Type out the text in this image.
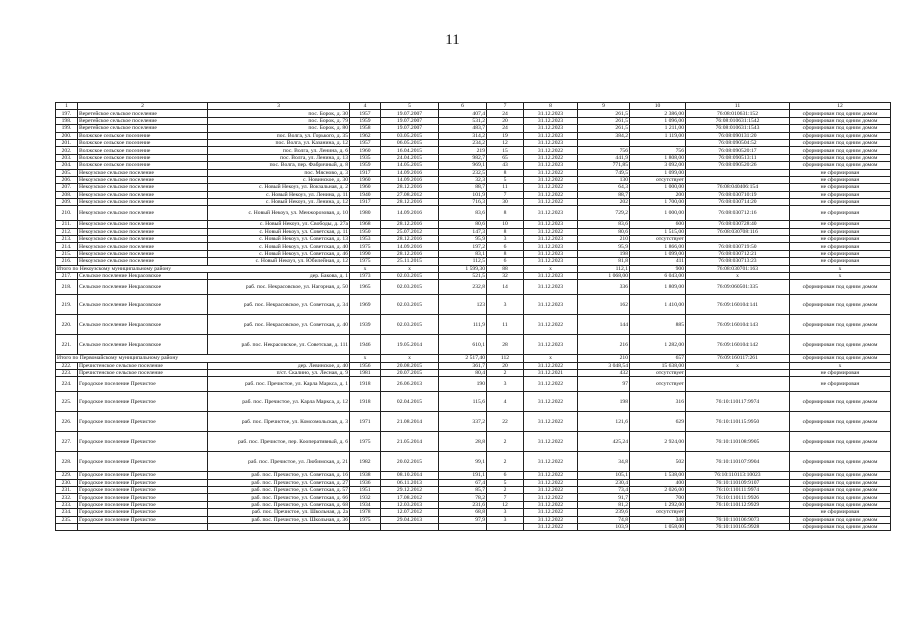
11
1	2	3	4	5	6	7	8	9	10	11	12
197.	Веретейское сельское поселение	пос. Борок, д. 30	1957	19.07.2007	407,4	24	31.12.2023	261,5	2 386,00	76:08:010631:152	сформирован под одним домом
198.	Веретейское сельское поселение	пос. Борок, д. 79	1959	19.07.2007	531,2	20	31.12.2023	261,5	1 096,00	76:08:010631:1542	сформирован под одним домом
199.	Веретейское сельское поселение	пос. Борок, д. 80	1958	19.07.2007	483,7	24	31.12.2023	261,5	1 211,00	76:08:010631:1543	сформирован под одним домом
200.	Волжское сельское поселение	пос. Волга, ул. Горького, д. 35	1962	03.05.2015	314,2	19	31.12.2023	384,2	1 119,00	76:08:090131:20	сформирован под одним домом
201.	Волжское сельское поселение	пос. Волга, ул. Казанина, д. 12	1957	06.05.2015	234,2	12	31.12.2023			76:08:090504:52	сформирован под одним домом
202.	Волжское сельское поселение	пос. Волга, ул. Ленина, д. 6	1960	16.04.2015	219	15	31.12.2022	756	756	76:08:090520:17	сформирован под одним домом
203.	Волжское сельское поселение	пос. Волга, ул. Ленина, д. 13	1935	24.04.2015	982,7	65	31.12.2022	441,9	1 808,00	76:08:090513:11	сформирован под одним домом
204.	Волжское сельское поселение	пос. Волга, пер. Фабричный, д. 8	1959	14.05.2015	969,1	43	31.12.2023	771,85	3 092,00	76:08:090520:26	сформирован под одним домом
205.	Некоузское сельское поселение	пос. Мясново, д. 3	1917	14.09.2016	232,5	8	31.12.2022	749,5	1 099,00		не сформирован
206.	Некоузское сельское поселение	с. Новинское, д. 30	1960	14.09.2016	32,3	5	31.12.2022	130	отсутствует		не сформирован
207.	Некоузское сельское поселение	с. Новый Некоуз, ул. Вокзальная, д. 2	1960	28.12.2016	88,7	11	31.12.2022	64,3	1 000,00	76:08:040406:154	не сформирован
208.	Некоузское сельское поселение	с. Новый Некоуз, ул. Ленина, д. 11	1940	27.08.2012	101,9	7	31.12.2022	88,7	200	76:08:030710:19	не сформирован
209.	Некоузское сельское поселение	с. Новый Некоуз, ул. Ленина, д. 12	1917	28.12.2016	716,3	30	31.12.2022	202	1 700,00	76:08:030714:20	не сформирован
210.	Некоузское сельское поселение	с. Новый Некоуз, ул. Менжорозовая, д. 10	1980	14.09.2016	83,6	8	31.12.2023	729,2	1 000,00	76:08:030712:16	не сформирован
211.	Некоузское сельское поселение	с. Новый Некоуз, ул. Свободы, д. 27а	1968	28.12.2016	80,6	10	31.12.2023	83,6	600	76:08:030728:40	не сформирован
212.	Некоузское сельское поселение	с. Новый Некоуз, ул. Советская, д. 11	1950	25.07.2012	147,3	8	31.12.2022	80,6	1 515,00	76:08:030708:116	не сформирован
213.	Некоузское сельское поселение	с. Новый Некоуз, ул. Советская, д. 13	1953	28.12.2016	95,9	3	31.12.2023	210	отсутствует		не сформирован
214.	Некоузское сельское поселение	с. Новый Некоуз, ул. Советская, д. 40	1975	14.09.2016	197,2	6	31.12.2023	95,9	1 866,00	76:08:030719:50	не сформирован
215.	Некоузское сельское поселение	с. Новый Некоуз, ул. Советская, д. 46	1990	28.12.2016	83,1	8	31.12.2023	198	1 099,00	76:08:030712:21	не сформирован
216.	Некоузское сельское поселение	с. Новый Некоуз, ул. Юбилейная, д. 12	1975	25.11.2015	112,5	6	31.12.2023	81,8	411	76:08:030713:23	не сформирован
Итого по Некоузскому муниципальному району			x	x	1 599,30	88	x	112,1	900	76:08:030701:163	x
217.	Сельское поселение Некрасовское	дер. Бакова, д. 1	1973	02.03.2015	521,5	32	31.12.2023	1 068,00	6 043,00	x	x
218.	Сельское поселение Некрасовское	раб. пос. Некрасовское, ул. Нагорная, д. 50	1965	02.03.2015	232,8	14	31.12.2023	336	1 809,00	76:09:060501:335	сформирован под одним домом
219.	Сельское поселение Некрасовское	раб. пос. Некрасовское, ул. Советская, д. 34	1969	02.03.2015	123	3	31.12.2023	162	1 410,00	76:09:160104:141	сформирован под одним домом
220.	Сельское поселение Некрасовское	раб. пос. Некрасовское, ул. Советская, д. 40	1939	02.03.2015	111,9	11	31.12.2022	144	885	76:09:160104:143	сформирован под одним домом
221.	Сельское поселение Некрасовское	раб. пос. Некрасовское, ул. Советская, д. 111	1946	19.05.2014	610,1	28	31.12.2023	216	1 282,00	76:09:160104:142	сформирован под одним домом
Итого по Первомайскому муниципальному району			x	x	2 517,40	112	x	210	657	76:09:160117:261	сформирован под одним домом
222.	Пречистенское сельское поселение	дер. Левинское, д. 40	1956	20.08.2015	361,7	20	31.12.2022	3 048,54	15 638,00	x	x
223.	Пречистенское сельское поселение	п/ст. Скалино, ул. Лесная, д. 9	1981	20.07.2015	80,4	2	31.12.2021	432	отсутствует		не сформирован
224.	Городское поселение Пречистое	раб. пос. Пречистое, ул. Карла Маркса, д. 1	1918	26.06.2013	190	3	31.12.2022	97	отсутствует		не сформирован
225.	Городское поселение Пречистое	раб. пос. Пречистое, ул. Карла Маркса, д. 12	1918	02.04.2015	115,6	4	31.12.2022	198	316	76:10:110117:9974	сформирован под одним домом
226.	Городское поселение Пречистое	раб. пос. Пречистое, ул. Комсомольская, д. 3	1971	21.08.2014	337,2	22	31.12.2022	121,6	629	76:10:110115:9950	сформирован под одним домом
227.	Городское поселение Пречистое	раб. пос. Пречистое, пер. Кооперативный, д. 6	1975	21.05.2014	28,8	2	31.12.2022	425,24	2 924,00	76:10:110108:9905	сформирован под одним домом
228.	Городское поселение Пречистое	раб. пос. Пречистое, ул. Любимская, д. 21	1982	20.02.2015	99,1	2	31.12.2022	34,8	502	76:10:110107:9904	сформирован под одним домом
229.	Городское поселение Пречистое	раб. пос. Пречистое, ул. Советская, д. 16	1938	08.10.2014	191,1	6	31.12.2022	105,1	1 538,00	76:10:110113:10023	сформирован под одним домом
230.	Городское поселение Пречистое	раб. пос. Пречистое, ул. Советская, д. 27	1936	06.11.2013	67,4	5	31.12.2022	230,4	400	76:10:110109:9107	сформирован под одним домом
231.	Городское поселение Пречистое	раб. пос. Пречистое, ул. Советская, д. 57	1951	29.12.2012	85,7	2	31.12.2022	73,4	2 026,00	76:10:110111:9974	сформирован под одним домом
232.	Городское поселение Пречистое	раб. пос. Пречистое, ул. Советская, д. 66	1932	17.08.2012	78,2	7	31.12.2022	91,7	700	76:10:110111:9926	сформирован под одним домом
233.	Городское поселение Пречистое	раб. пос. Пречистое, ул. Советская, д. 68	1934	12.03.2013	231,6	12	31.12.2022	81,2	1 292,00	76:10:110112:9929	сформирован под одним домом
234.	Городское поселение Пречистое	раб. пос. Пречистое, ул. Школьная, д. 2а	1978	12.07.2012	68,8	3	31.12.2022	239,6	отсутствует		не сформирован
235.	Городское поселение Пречистое	раб. пос. Пречистое, ул. Школьная, д. 36	1975	29.04.2013	97,9	3	31.12.2022	74,8	348	76:10:110106:9073	сформирован под одним домом
							31.12.2022	103,9	1 058,00	76:10:110105:9928	сформирован под одним домом
